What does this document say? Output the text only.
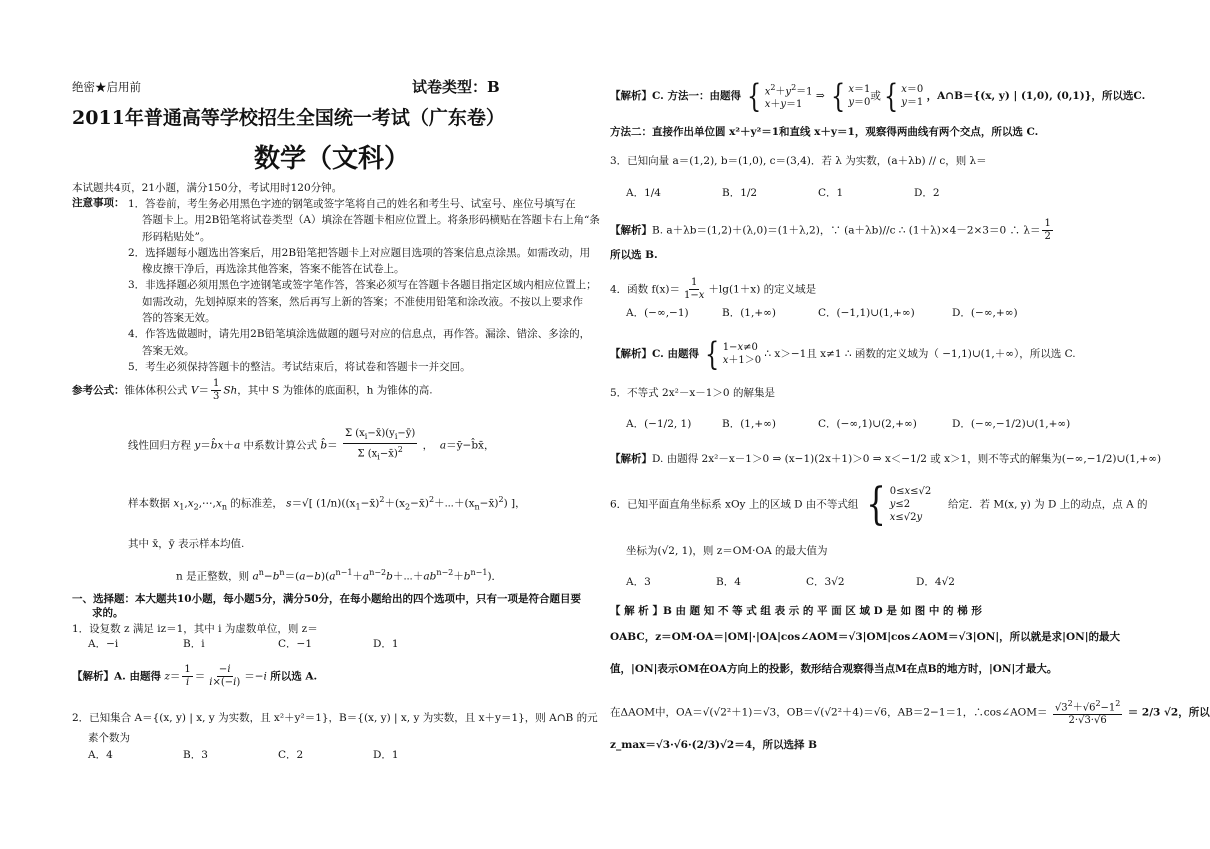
绝密★启用前	试卷类型：B
2011年普通高等学校招生全国统一考试（广东卷）
数学（文科）
本试题共4页，21小题，满分150分，考试用时120分钟。
注意事项： 1．答卷前，考生务必用黑色字迹的钢笔或签字笔将自己的姓名和考生号、试室号、座位号填写在
答题卡上。用2B铅笔将试卷类型（A）填涂在答题卡相应位置上。将条形码横贴在答题卡右上角“条
形码粘贴处”。
2．选择题每小题选出答案后，用2B铅笔把答题卡上对应题目选项的答案信息点涂黑。如需改动，用
橡皮擦干净后，再选涂其他答案，答案不能答在试卷上。
3．非选择题必须用黑色字迹钢笔或签字笔作答，答案必须写在答题卡各题目指定区域内相应位置上；
如需改动，先划掉原来的答案，然后再写上新的答案；不准使用铅笔和涂改液。不按以上要求作
答的答案无效。
4．作答选做题时，请先用2B铅笔填涂选做题的题号对应的信息点，再作答。漏涂、错涂、多涂的，
答案无效。
5．考生必须保持答题卡的整洁。考试结束后，将试卷和答题卡一并交回。
参考公式：锥体体积公式 $V= \frac{1}{3}$ Sh，其中 S 为锥体的底面积，h 为锥体的高.
线性回归方程 y＝b̂x＋a 中系数计算公式 b̂＝ $\frac{\Sigma (x_i-x̄)(y_i-ȳ)}{\Sigma (x_i-x̄)^2}$ ，  a＝ȳ−b̂x̄，
样本数据 $x_1,x_2,\cdots,x_n$ 的标准差， s＝√[ $(1/n)((x_1-x̄)^2+(x_2-x̄)^2+\cdots+(x_n-x̄)^2)$ ]，
其中 x̄，ȳ 表示样本均值.
n 是正整数，则 $a^n-b^n=(a-b)(a^{n-1}+a^{n-2}b+\cdots+ab^{n-2}+b^{n-1})$．
一、选择题：本大题共10小题，每小题5分，满分50分，在每小题给出的四个选项中，只有一项是符合题目要
求的。
1．设复数 z 满足 iz＝1，其中 i 为虚数单位，则 z＝
A．−i	B．i	C．−1	D．1
【解析】A. 由题得 $z= \frac{1}{i} = \frac{-i}{i\times(-i)} =-i$ 所以选 A.
2．已知集合 A＝{(x, y) | x, y 为实数，且 x²＋y²＝1}，B＝{(x, y) | x, y 为实数，且 x＋y＝1}，则 A∩B 的元
素个数为
A．4	B．3	C．2	D．1
【解析】C. 方法一：由题得 { $x^2+y^2=1$
x＋y＝1
⇒ { x＝1
y＝0
或{ x＝0
y＝1
，A∩B＝{(x, y) | (1,0), (0,1)}，所以选C.
方法二：直接作出单位圆 x²＋y²＝1和直线 x＋y＝1，观察得两曲线有两个交点，所以选 C.
3．已知向量 a＝(1,2), b＝(1,0), c＝(3,4)．若 λ 为实数，(a＋λb) // c，则 λ＝
A．1/4	B．1/2	C．1	D．2
【解析】B. a＋λb＝(1,2)＋(λ,0)＝(1＋λ,2)，∵ (a＋λb)//c ∴ (1＋λ)×4－2×3＝0 ∴ $\lambda= \frac{1}{2}$
所以选 B.
4．函数 $f(x)= \frac{1}{1-x} +\lg(1+x)$ 的定义域是
A．(−∞,−1)	B．(1,+∞)	C．(−1,1)∪(1,+∞)	D．(−∞,+∞)
【解析】C. 由题得 { 1−x≠0
x＋1＞0
∴ x＞−1且 x≠1 ∴ 函数的定义域为（ −1,1)∪(1,＋∞），所以选 C.
5．不等式 2x²－x－1＞0 的解集是
A．(−1/2, 1)	B．(1,+∞)	C．(−∞,1)∪(2,+∞)	D．(−∞,−1/2)∪(1,+∞)
【解析】D. 由题得 2x²－x－1＞0 ⇒ (x−1)(2x＋1)＞0 ⇒ x＜−1/2 或 x＞1，则不等式的解集为(−∞,−1/2)∪(1,+∞)
6．已知平面直角坐标系 xOy 上的区域 D 由不等式组 { 0≤x≤√2
y≤2
x≤√2y
给定．若 M(x, y) 为 D 上的动点，点 A 的
坐标为(√2, 1)，则 z＝OM·OA 的最大值为
A．3	B．4	C．3√2	D．4√2
【 解 析 】B 由 题 知 不 等 式 组 表 示 的 平 面 区 域 D 是 如 图 中 的 梯 形
OABC，z＝OM·OA＝|OM|·|OA|cos∠AOM＝√3|OM|cos∠AOM＝√3|ON|，所以就是求|ON|的最大
值，|ON|表示OM在OA方向上的投影，数形结合观察得当点M在点B的地方时，|ON|才最大。
在ΔAOM中，OA＝√(√2²＋1)＝√3，OB＝√(√2²＋4)＝√6，AB＝2−1＝1，∴cos∠AOM＝ $\frac{√3^2+√6^2-1^2}{2\cdot√3\cdot√6} = 2/3$ √2，所以
z_max＝√3·√6·(2/3)√2＝4，所以选择 B
